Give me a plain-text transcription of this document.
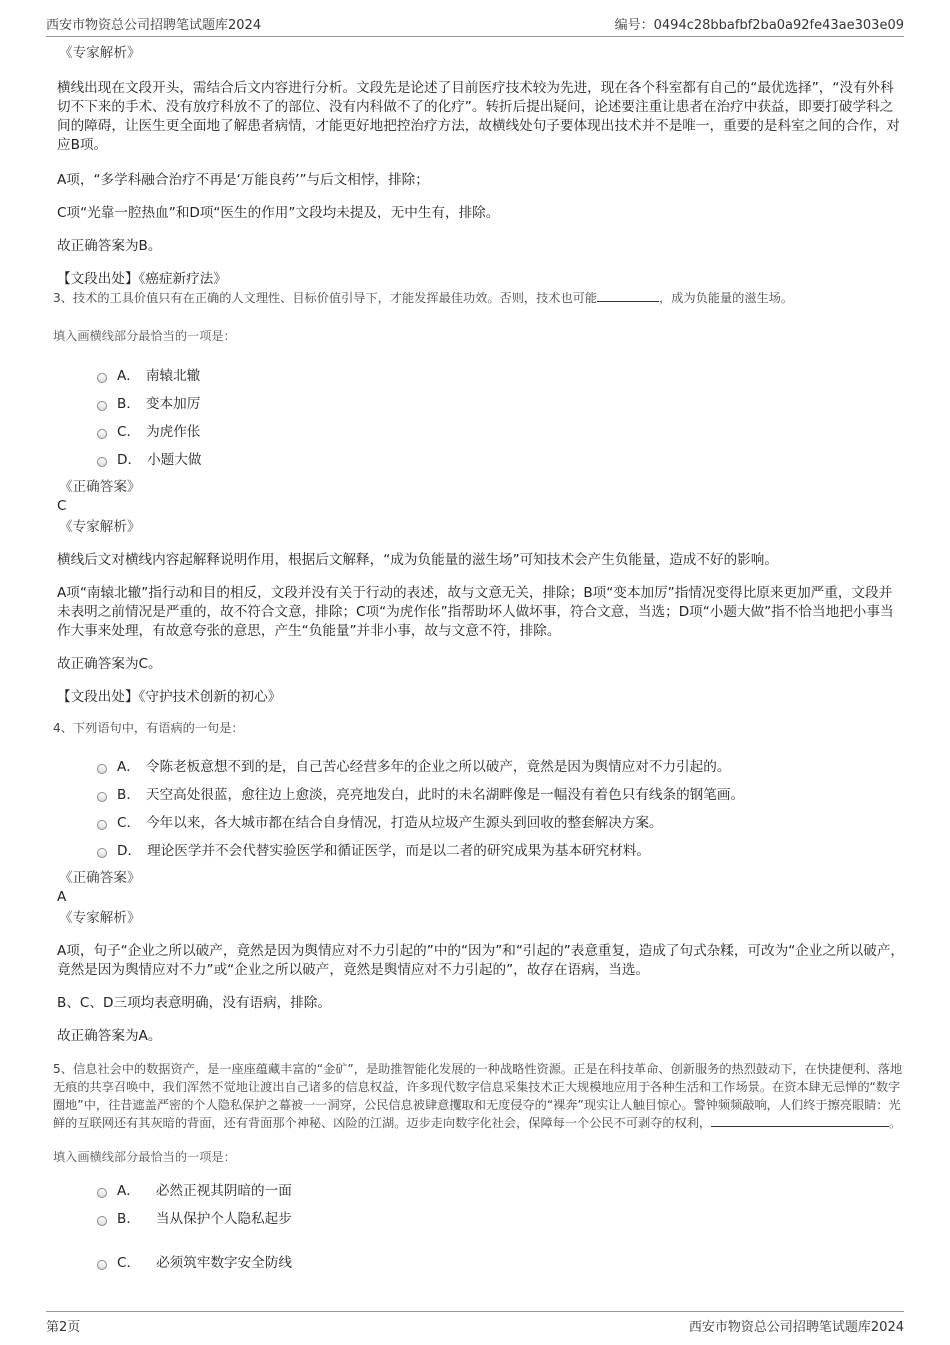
西安市物资总公司招聘笔试题库2024	编号：0494c28bbafbf2ba0a92fe43ae303e09
《专家解析》

横线出现在文段开头，需结合后文内容进行分析。文段先是论述了目前医疗技术较为先进，现在各个科室都有自己的“最优选择”，“没有外科切不下来的手术、没有放疗科放不了的部位、没有内科做不了的化疗”。转折后提出疑问，论述要注重让患者在治疗中获益，即要打破学科之间的障碍，让医生更全面地了解患者病情，才能更好地把控治疗方法，故横线处句子要体现出技术并不是唯一，重要的是科室之间的合作，对应B项。

A项，“多学科融合治疗不再是‘万能良药’”与后文相悖，排除；

C项“光靠一腔热血”和D项“医生的作用”文段均未提及，无中生有，排除。

故正确答案为B。

【文段出处】《癌症新疗法》

3、技术的工具价值只有在正确的人文理性、目标价值引导下，才能发挥最佳功效。否则，技术也可能	，成为负能量的滋生场。

填入画横线部分最恰当的一项是：

A． 南辕北辙
B． 变本加厉
C． 为虎作伥
D． 小题大做
《正确答案》

C

《专家解析》

横线后文对横线内容起解释说明作用，根据后文解释，“成为负能量的滋生场”可知技术会产生负能量，造成不好的影响。

A项“南辕北辙”指行动和目的相反，文段并没有关于行动的表述，故与文意无关，排除；B项“变本加厉”指情况变得比原来更加严重，文段并未表明之前情况是严重的，故不符合文意，排除；C项“为虎作伥”指帮助坏人做坏事，符合文意，当选；D项“小题大做”指不恰当地把小事当作大事来处理，有故意夸张的意思，产生“负能量”并非小事，故与文意不符，排除。

故正确答案为C。

【文段出处】《守护技术创新的初心》

4、下列语句中，有语病的一句是：

A． 令陈老板意想不到的是，自己苦心经营多年的企业之所以破产，竟然是因为舆情应对不力引起的。
B． 天空高处很蓝，愈往边上愈淡，亮亮地发白，此时的未名湖畔像是一幅没有着色只有线条的钢笔画。
C． 今年以来，各大城市都在结合自身情况，打造从垃圾产生源头到回收的整套解决方案。
D． 理论医学并不会代替实验医学和循证医学，而是以二者的研究成果为基本研究材料。
《正确答案》

A

《专家解析》

A项，句子“企业之所以破产，竟然是因为舆情应对不力引起的”中的“因为”和“引起的”表意重复，造成了句式杂糅，可改为“企业之所以破产，竟然是因为舆情应对不力”或“企业之所以破产，竟然是舆情应对不力引起的”，故存在语病，当选。

B、C、D三项均表意明确，没有语病，排除。

故正确答案为A。

5、信息社会中的数据资产，是一座座蕴藏丰富的“金矿”，是助推智能化发展的一种战略性资源。正是在科技革命、创新服务的热烈鼓动下，在快捷便利、落地无痕的共享召唤中，我们浑然不觉地让渡出自己诸多的信息权益，许多现代数字信息采集技术正大规模地应用于各种生活和工作场景。在资本肆无忌惮的“数字圈地”中，往昔遮盖严密的个人隐私保护之幕被一一洞穿，公民信息被肆意攫取和无度侵夺的“裸奔”现实让人触目惊心。警钟频频敲响，人们终于擦亮眼睛：光鲜的互联网还有其灰暗的背面，还有背面那个神秘、凶险的江湖。迈步走向数字化社会，保障每一个公民不可剥夺的权利，	。

填入画横线部分最恰当的一项是：

A． 必然正视其阴暗的一面
B． 当从保护个人隐私起步
C． 必须筑牢数字安全防线
第2页	西安市物资总公司招聘笔试题库2024
